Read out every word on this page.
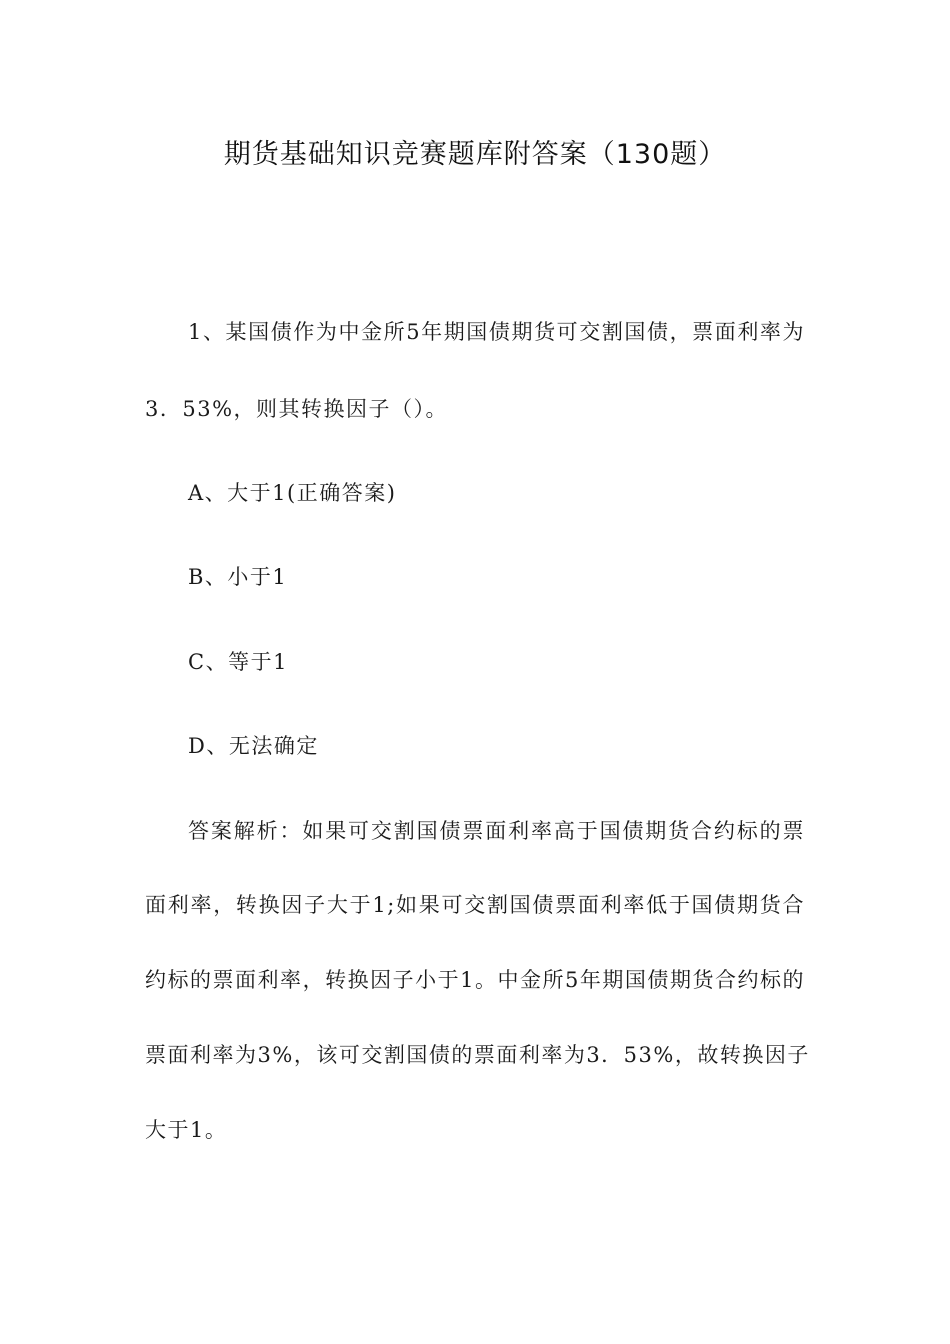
期货基础知识竞赛题库附答案（130题）
1、某国债作为中金所5年期国债期货可交割国债，票面利率为
3．53%，则其转换因子（）。
A、大于1(正确答案)
B、小于1
C、等于1
D、无法确定
答案解析：如果可交割国债票面利率高于国债期货合约标的票
面利率，转换因子大于1;如果可交割国债票面利率低于国债期货合
约标的票面利率，转换因子小于1。中金所5年期国债期货合约标的
票面利率为3%，该可交割国债的票面利率为3．53%，故转换因子
大于1。
